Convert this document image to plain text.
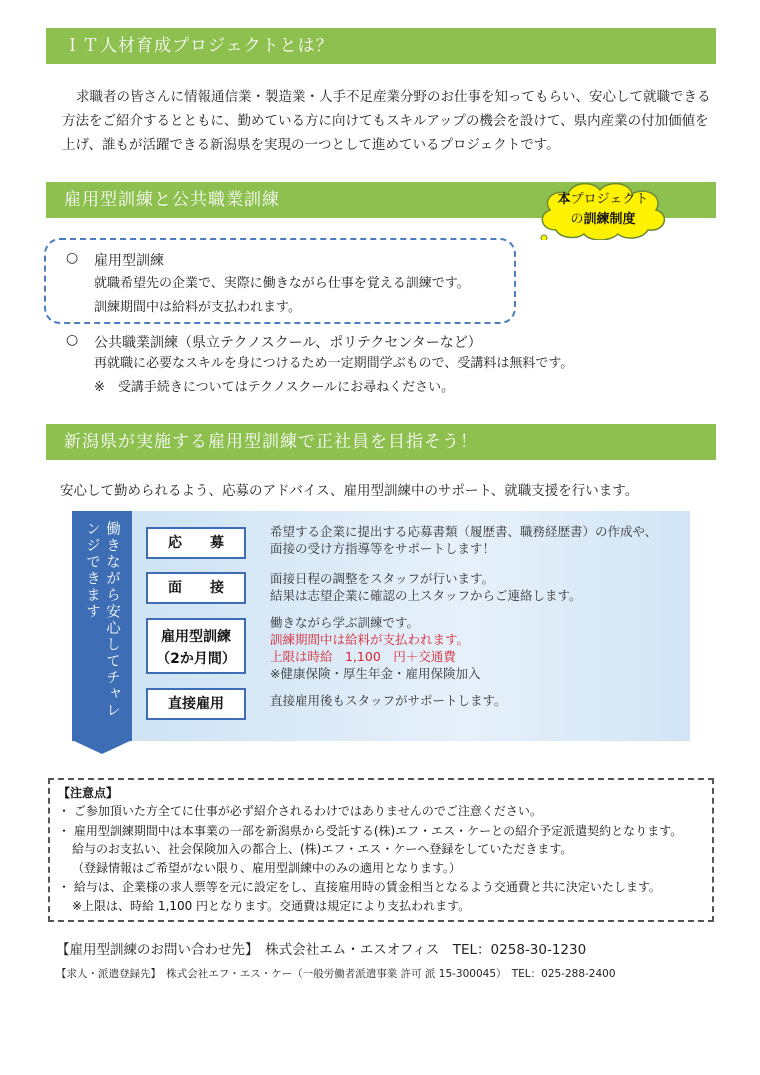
ＩＴ人材育成プロジェクトとは？
求職者の皆さんに情報通信業・製造業・人手不足産業分野のお仕事を知ってもらい、安心して就職できる
方法をご紹介するとともに、勤めている方に向けてもスキルアップの機会を設けて、県内産業の付加価値を
上げ、誰もが活躍できる新潟県を実現の一つとして進めているプロジェクトです。
雇用型訓練と公共職業訓練	本プロジェクト
の訓練制度
○ 雇用型訓練
就職希望先の企業で、実際に働きながら仕事を覚える訓練です。
訓練期間中は給料が支払われます。
○ 公共職業訓練（県立テクノスクール、ポリテクセンターなど）
再就職に必要なスキルを身につけるため一定期間学ぶもので、受講料は無料です。
※　受講手続きについてはテクノスクールにお尋ねください。
新潟県が実施する雇用型訓練で正社員を目指そう！
安心して勤められるよう、応募のアドバイス、雇用型訓練中のサポート、就職支援を行います。
働きながら安心してチャレンジできます	応　　募
希望する企業に提出する応募書類（履歴書、職務経歴書）の作成や、
面接の受け方指導等をサポートします！
面　　接
面接日程の調整をスタッフが行います。
結果は志望企業に確認の上スタッフからご連絡します。
雇用型訓練
（2か月間）
働きながら学ぶ訓練です。
訓練期間中は給料が支払われます。
上限は時給　1,100　円＋交通費
※健康保険・厚生年金・雇用保険加入
直接雇用	直接雇用後もスタッフがサポートします。
【注意点】
・ ご参加頂いた方全てに仕事が必ず紹介されるわけではありませんのでご注意ください。
・ 雇用型訓練期間中は本事業の一部を新潟県から受託する(株)エフ・エス・ケーとの紹介予定派遣契約となります。
給与のお支払い、社会保険加入の都合上、(株)エフ・エス・ケーへ登録をしていただきます。
（登録情報はご希望がない限り、雇用型訓練中のみの適用となります。）
・ 給与は、企業様の求人票等を元に設定をし、直接雇用時の賃金相当となるよう交通費と共に決定いたします。
※上限は、時給 1,100 円となります。交通費は規定により支払われます。
【雇用型訓練のお問い合わせ先】　株式会社エム・エスオフィス　TEL：0258-30-1230
【求人・派遣登録先】　株式会社エフ・エス・ケー（一般労働者派遣事業 許可 派 15-300045）　TEL：025-288-2400
